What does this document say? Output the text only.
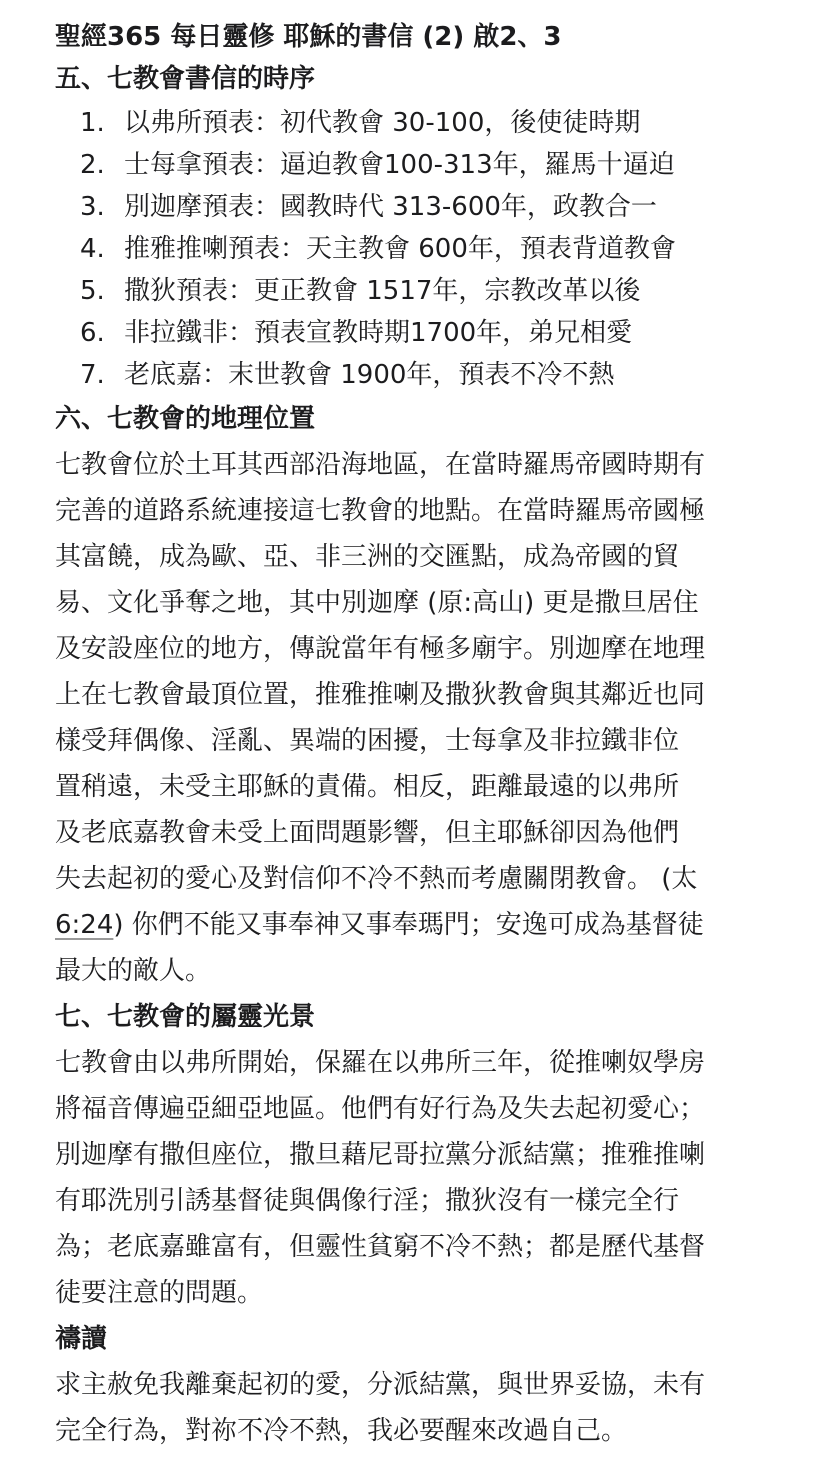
聖經365 每日靈修 耶穌的書信 (2) 啟2、3
五、七教會書信的時序
1. 以弗所預表：初代教會 30-100，後使徒時期
2. 士每拿預表：逼迫教會100-313年，羅馬十逼迫
3. 別迦摩預表：國教時代 313-600年，政教合一
4. 推雅推喇預表：天主教會 600年，預表背道教會
5. 撒狄預表：更正教會 1517年，宗教改革以後
6. 非拉鐵非：預表宣教時期1700年，弟兄相愛
7. 老底嘉：末世教會 1900年，預表不冷不熱
六、七教會的地理位置

七教會位於土耳其西部沿海地區，在當時羅馬帝國時期有
完善的道路系統連接這七教會的地點。在當時羅馬帝國極
其富饒，成為歐、亞、非三洲的交匯點，成為帝國的貿
易、文化爭奪之地，其中別迦摩 (原:高山) 更是撒旦居住
及安設座位的地方，傳說當年有極多廟宇。別迦摩在地理
上在七教會最頂位置，推雅推喇及撒狄教會與其鄰近也同
樣受拜偶像、淫亂、異端的困擾，士每拿及非拉鐵非位
置稍遠，未受主耶穌的責備。相反，距離最遠的以弗所
及老底嘉教會未受上面問題影響，但主耶穌卻因為他們
失去起初的愛心及對信仰不冷不熱而考慮關閉教會。 (太
6:24) 你們不能又事奉神又事奉瑪門；安逸可成為基督徒
最大的敵人。

七、七教會的屬靈光景

七教會由以弗所開始，保羅在以弗所三年，從推喇奴學房
將福音傳遍亞細亞地區。他們有好行為及失去起初愛心；
別迦摩有撒但座位，撒旦藉尼哥拉黨分派結黨；推雅推喇
有耶洗別引誘基督徒與偶像行淫；撒狄沒有一樣完全行
為；老底嘉雖富有，但靈性貧窮不冷不熱；都是歷代基督
徒要注意的問題。

禱讀

求主赦免我離棄起初的愛，分派結黨，與世界妥協，未有
完全行為，對祢不冷不熱，我必要醒來改過自己。
